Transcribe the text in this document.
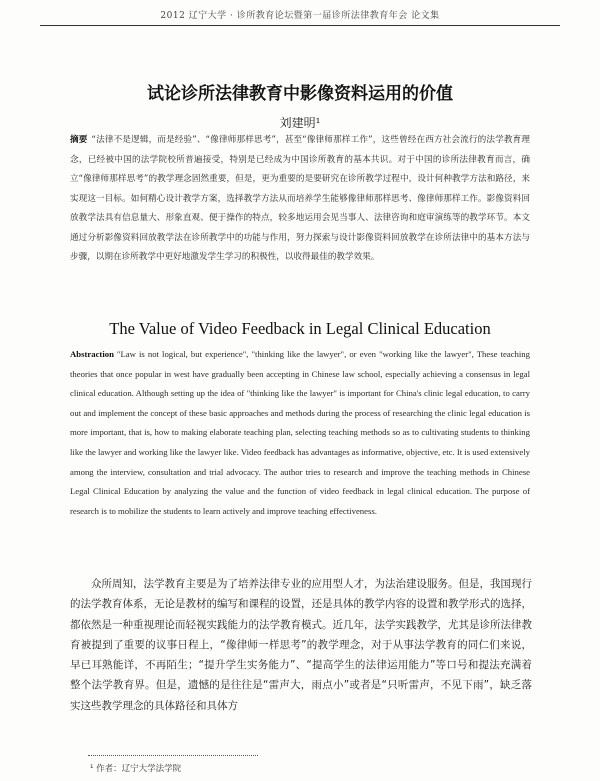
2012 辽宁大学 · 诊所教育论坛暨第一届诊所法律教育年会 论文集
试论诊所法律教育中影像资料运用的价值
刘建明¹
摘要 “法律不是逻辑，而是经验”、“像律师那样思考”，甚至“像律师那样工作”，这些曾经在西方社会流行的法学教育理念，已经被中国的法学院校所普遍接受，特别是已经成为中国诊所教育的基本共识。对于中国的诊所法律教育而言，确立“像律师那样思考”的教学理念固然重要，但是，更为重要的是要研究在诊所教学过程中，设计何种教学方法和路径，来实现这一目标。如何精心设计教学方案，选择教学方法从而培养学生能够像律师那样思考、像律师那样工作。影像资料回放教学法具有信息量大、形象直观、便于操作的特点，较多地运用会见当事人、法律咨询和庭审演练等的教学环节。本文通过分析影像资料回放教学法在诊所教学中的功能与作用，努力探索与设计影像资料回放教学在诊所法律中的基本方法与步骤，以期在诊所教学中更好地激发学生学习的积极性，以收得最佳的教学效果。
The Value of Video Feedback in Legal Clinical Education
Abstraction "Law is not logical, but experience", "thinking like the lawyer", or even "working like the lawyer", These teaching theories that once popular in west have gradually been accepting in Chinese law school, especially achieving a consensus in legal clinical education. Although setting up the idea of "thinking like the lawyer" is important for China's clinic legal education, to carry out and implement the concept of these basic approaches and methods during the process of researching the clinic legal education is more important, that is, how to making elaborate teaching plan, selecting teaching methods so as to cultivating students to thinking like the lawyer and working like the lawyer like. Video feedback has advantages as informative, objective, etc. It is used extensively among the interview, consultation and trial advocacy. The author tries to research and improve the teaching methods in Chinese Legal Clinical Education by analyzing the value and the function of video feedback in legal clinical education. The purpose of research is to mobilize the students to learn actively and improve teaching effectiveness.
众所周知，法学教育主要是为了培养法律专业的应用型人才，为法治建设服务。但是，我国现行的法学教育体系，无论是教材的编写和课程的设置，还是具体的教学内容的设置和教学形式的选择，都依然是一种重视理论而轻视实践能力的法学教育模式。近几年，法学实践教学，尤其是诊所法律教育被提到了重要的议事日程上，“像律师一样思考”的教学理念，对于从事法学教育的同仁们来说，早已耳熟能详，不再陌生；“提升学生实务能力”、“提高学生的法律运用能力”等口号和提法充满着整个法学教育界。但是，遗憾的是往往是“雷声大，雨点小”或者是“只听雷声，不见下雨”，缺乏落实这些教学理念的具体路径和具体方
¹ 作者：辽宁大学法学院
